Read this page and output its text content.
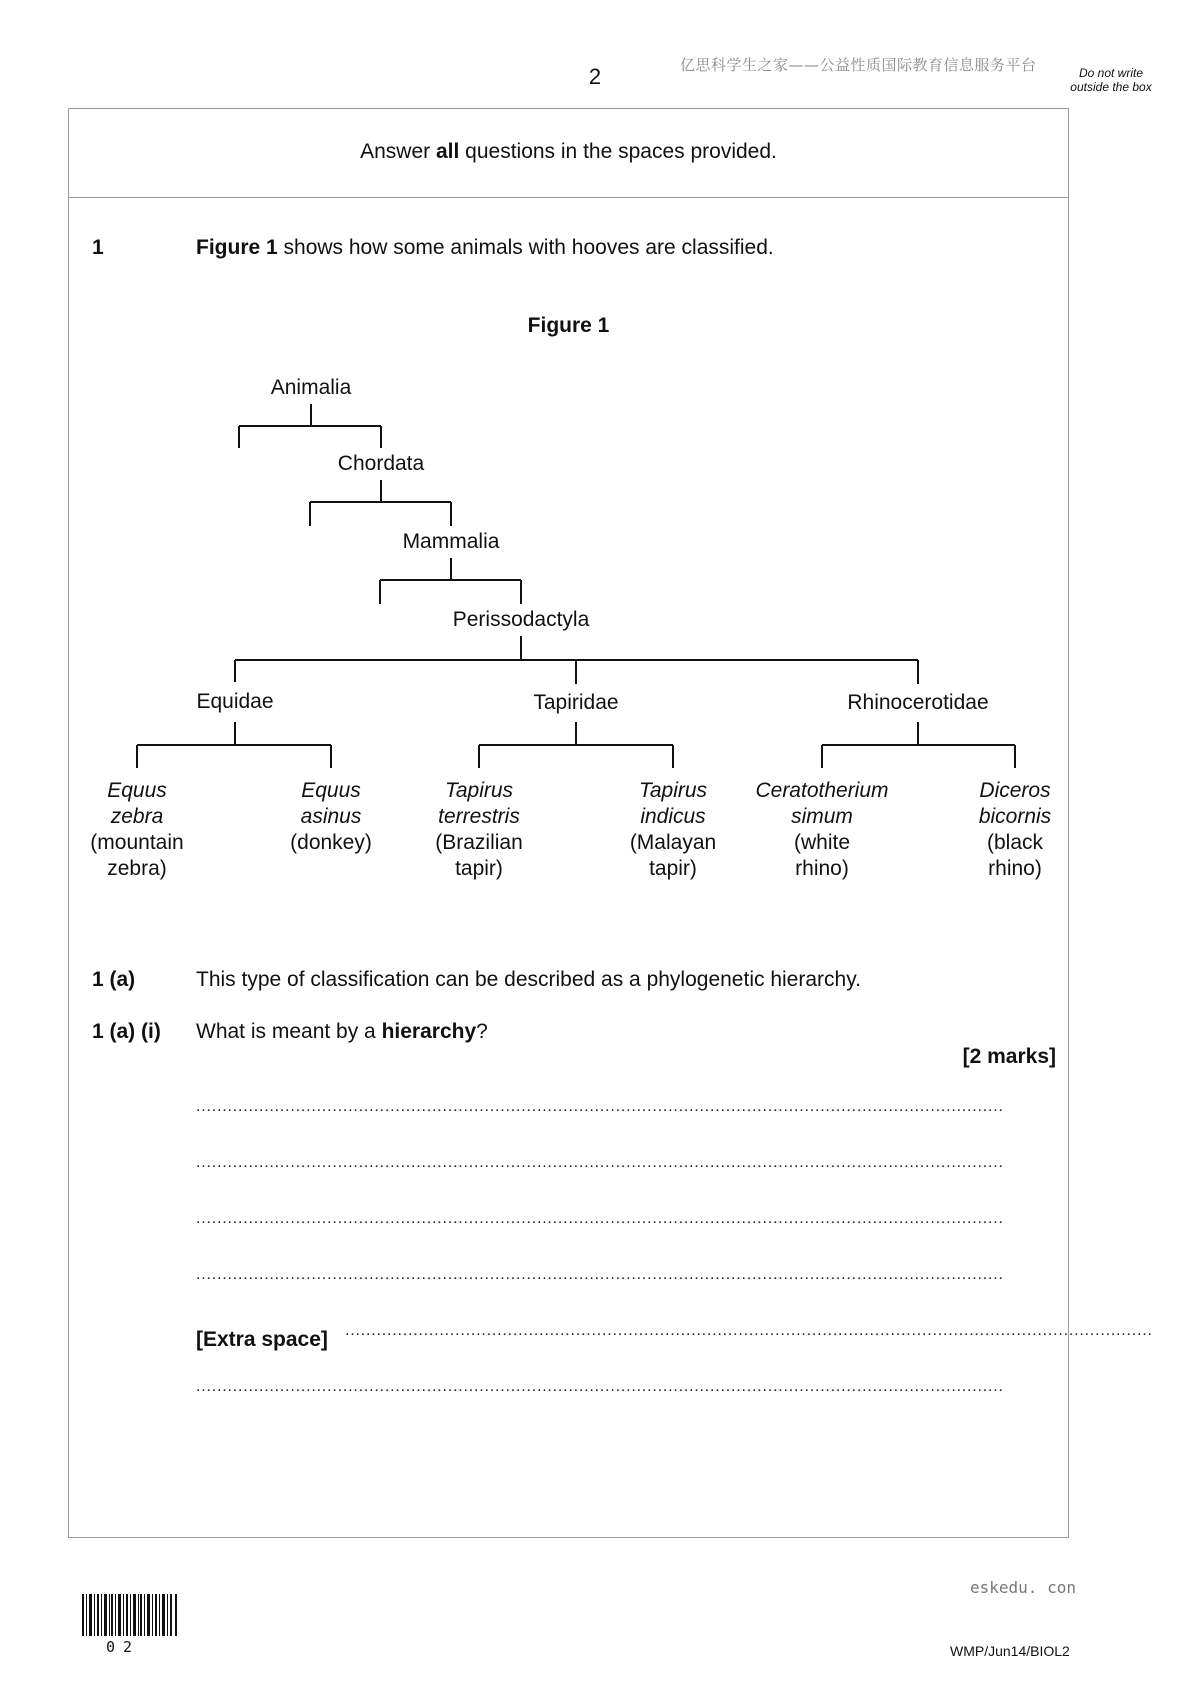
2	亿思科学生之家——公益性质国际教育信息服务平台	Do not write outside the box
Answer all questions in the spaces provided.
1	Figure 1 shows how some animals with hooves are classified.
Figure 1
Animalia
Chordata
Mammalia
Perissodactyla
Equidae	Tapiridae	Rhinocerotidae
Equus
zebra
(mountain
zebra)
Equus
asinus
(donkey)
Tapirus
terrestris
(Brazilian
tapir)
Tapirus
indicus
(Malayan
tapir)
Ceratotherium
simum
(white
rhino)
Diceros
bicornis
(black
rhino)
1 (a)	This type of classification can be described as a phylogenetic hierarchy.
1 (a) (i) What is meant by a hierarchy?
[2 marks]
..........................................................................................................................................................
..........................................................................................................................................................
..........................................................................................................................................................
..........................................................................................................................................................
[Extra space] ..........................................................................................................................................................
..........................................................................................................................................................
eskedu. con
WMP/Jun14/BIOL2
02
